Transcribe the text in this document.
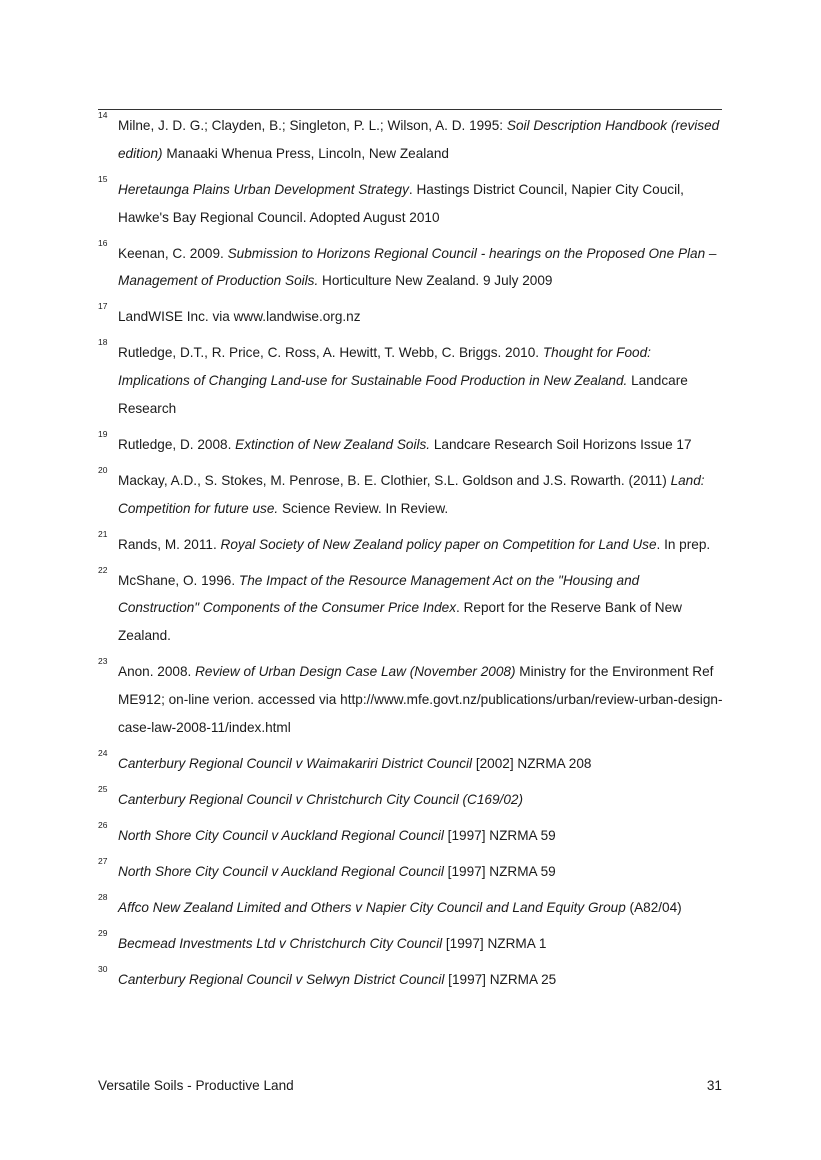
14
Milne, J. D. G.; Clayden, B.; Singleton, P. L.; Wilson, A. D. 1995: Soil Description Handbook (revised edition) Manaaki Whenua Press, Lincoln, New Zealand
15
Heretaunga Plains Urban Development Strategy. Hastings District Council, Napier City Coucil, Hawke's Bay Regional Council. Adopted August 2010
16
Keenan, C. 2009. Submission to Horizons Regional Council - hearings on the Proposed One Plan – Management of Production Soils. Horticulture New Zealand. 9 July 2009
17
LandWISE Inc. via www.landwise.org.nz
18
Rutledge, D.T., R. Price, C. Ross, A. Hewitt, T. Webb, C. Briggs. 2010. Thought for Food: Implications of Changing Land-use for Sustainable Food Production in New Zealand. Landcare Research
19
Rutledge, D. 2008. Extinction of New Zealand Soils. Landcare Research Soil Horizons Issue 17
20
Mackay, A.D., S. Stokes, M. Penrose, B. E. Clothier, S.L. Goldson and J.S. Rowarth. (2011) Land: Competition for future use. Science Review. In Review.
21
Rands, M. 2011. Royal Society of New Zealand policy paper on Competition for Land Use. In prep.
22
McShane, O. 1996. The Impact of the Resource Management Act on the "Housing and Construction" Components of the Consumer Price Index. Report for the Reserve Bank of New Zealand.
23
Anon. 2008. Review of Urban Design Case Law (November 2008) Ministry for the Environment Ref ME912; on-line verion. accessed via http://www.mfe.govt.nz/publications/urban/review-urban-design-case-law-2008-11/index.html
24
Canterbury Regional Council v Waimakariri District Council [2002] NZRMA 208
25
Canterbury Regional Council v Christchurch City Council (C169/02)
26
North Shore City Council v Auckland Regional Council [1997] NZRMA 59
27
North Shore City Council v Auckland Regional Council [1997] NZRMA 59
28
Affco New Zealand Limited and Others v Napier City Council and Land Equity Group (A82/04)
29
Becmead Investments Ltd v Christchurch City Council [1997] NZRMA 1
30
Canterbury Regional Council v Selwyn District Council [1997] NZRMA 25
Versatile Soils - Productive Land	31
